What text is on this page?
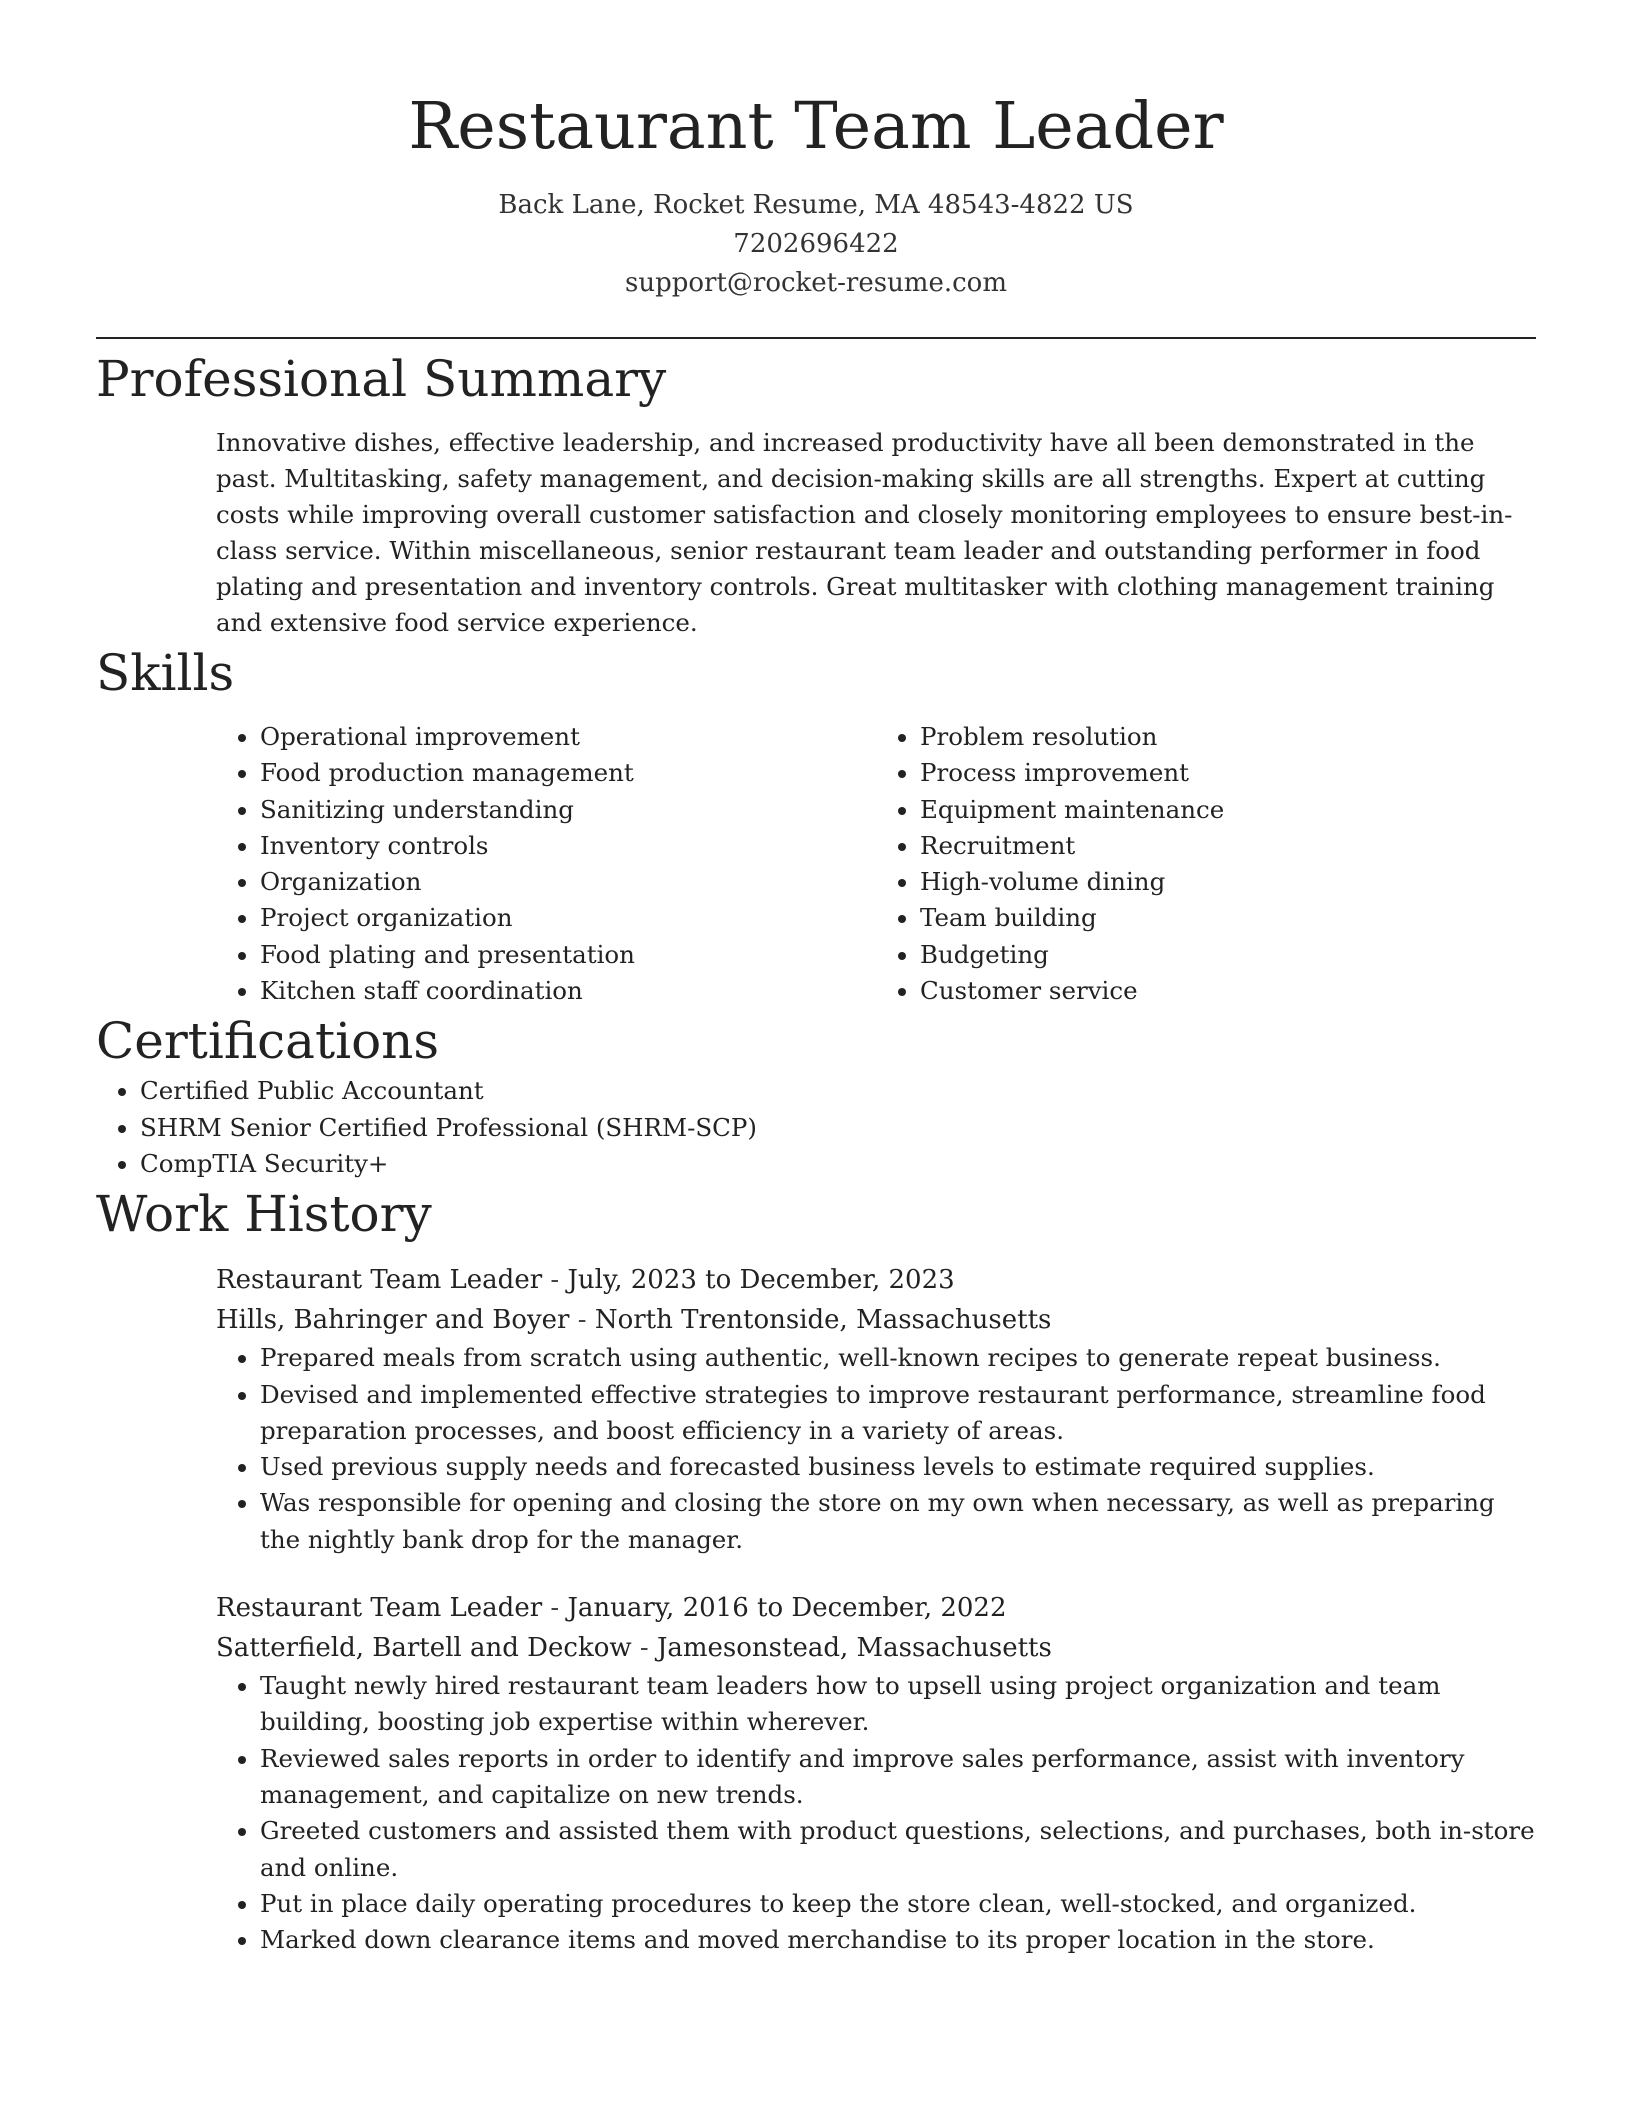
Restaurant Team Leader
Back Lane, Rocket Resume, MA 48543-4822 US
7202696422
support@rocket-resume.com
Professional Summary
Innovative dishes, effective leadership, and increased productivity have all been demonstrated in the past. Multitasking, safety management, and decision-making skills are all strengths. Expert at cutting costs while improving overall customer satisfaction and closely monitoring employees to ensure best-in-class service. Within miscellaneous, senior restaurant team leader and outstanding performer in food plating and presentation and inventory controls. Great multitasker with clothing management training and extensive food service experience.
Skills
• Operational improvement
• Food production management
• Sanitizing understanding
• Inventory controls
• Organization
• Project organization
• Food plating and presentation
• Kitchen staff coordination
• Problem resolution
• Process improvement
• Equipment maintenance
• Recruitment
• High-volume dining
• Team building
• Budgeting
• Customer service
Certifications
• Certified Public Accountant
• SHRM Senior Certified Professional (SHRM-SCP)
• CompTIA Security+
Work History
Restaurant Team Leader - July, 2023 to December, 2023
Hills, Bahringer and Boyer - North Trentonside, Massachusetts
• Prepared meals from scratch using authentic, well-known recipes to generate repeat business.
• Devised and implemented effective strategies to improve restaurant performance, streamline food preparation processes, and boost efficiency in a variety of areas.
• Used previous supply needs and forecasted business levels to estimate required supplies.
• Was responsible for opening and closing the store on my own when necessary, as well as preparing the nightly bank drop for the manager.
Restaurant Team Leader - January, 2016 to December, 2022
Satterfield, Bartell and Deckow - Jamesonstead, Massachusetts
• Taught newly hired restaurant team leaders how to upsell using project organization and team building, boosting job expertise within wherever.
• Reviewed sales reports in order to identify and improve sales performance, assist with inventory management, and capitalize on new trends.
• Greeted customers and assisted them with product questions, selections, and purchases, both in-store and online.
• Put in place daily operating procedures to keep the store clean, well-stocked, and organized.
• Marked down clearance items and moved merchandise to its proper location in the store.
